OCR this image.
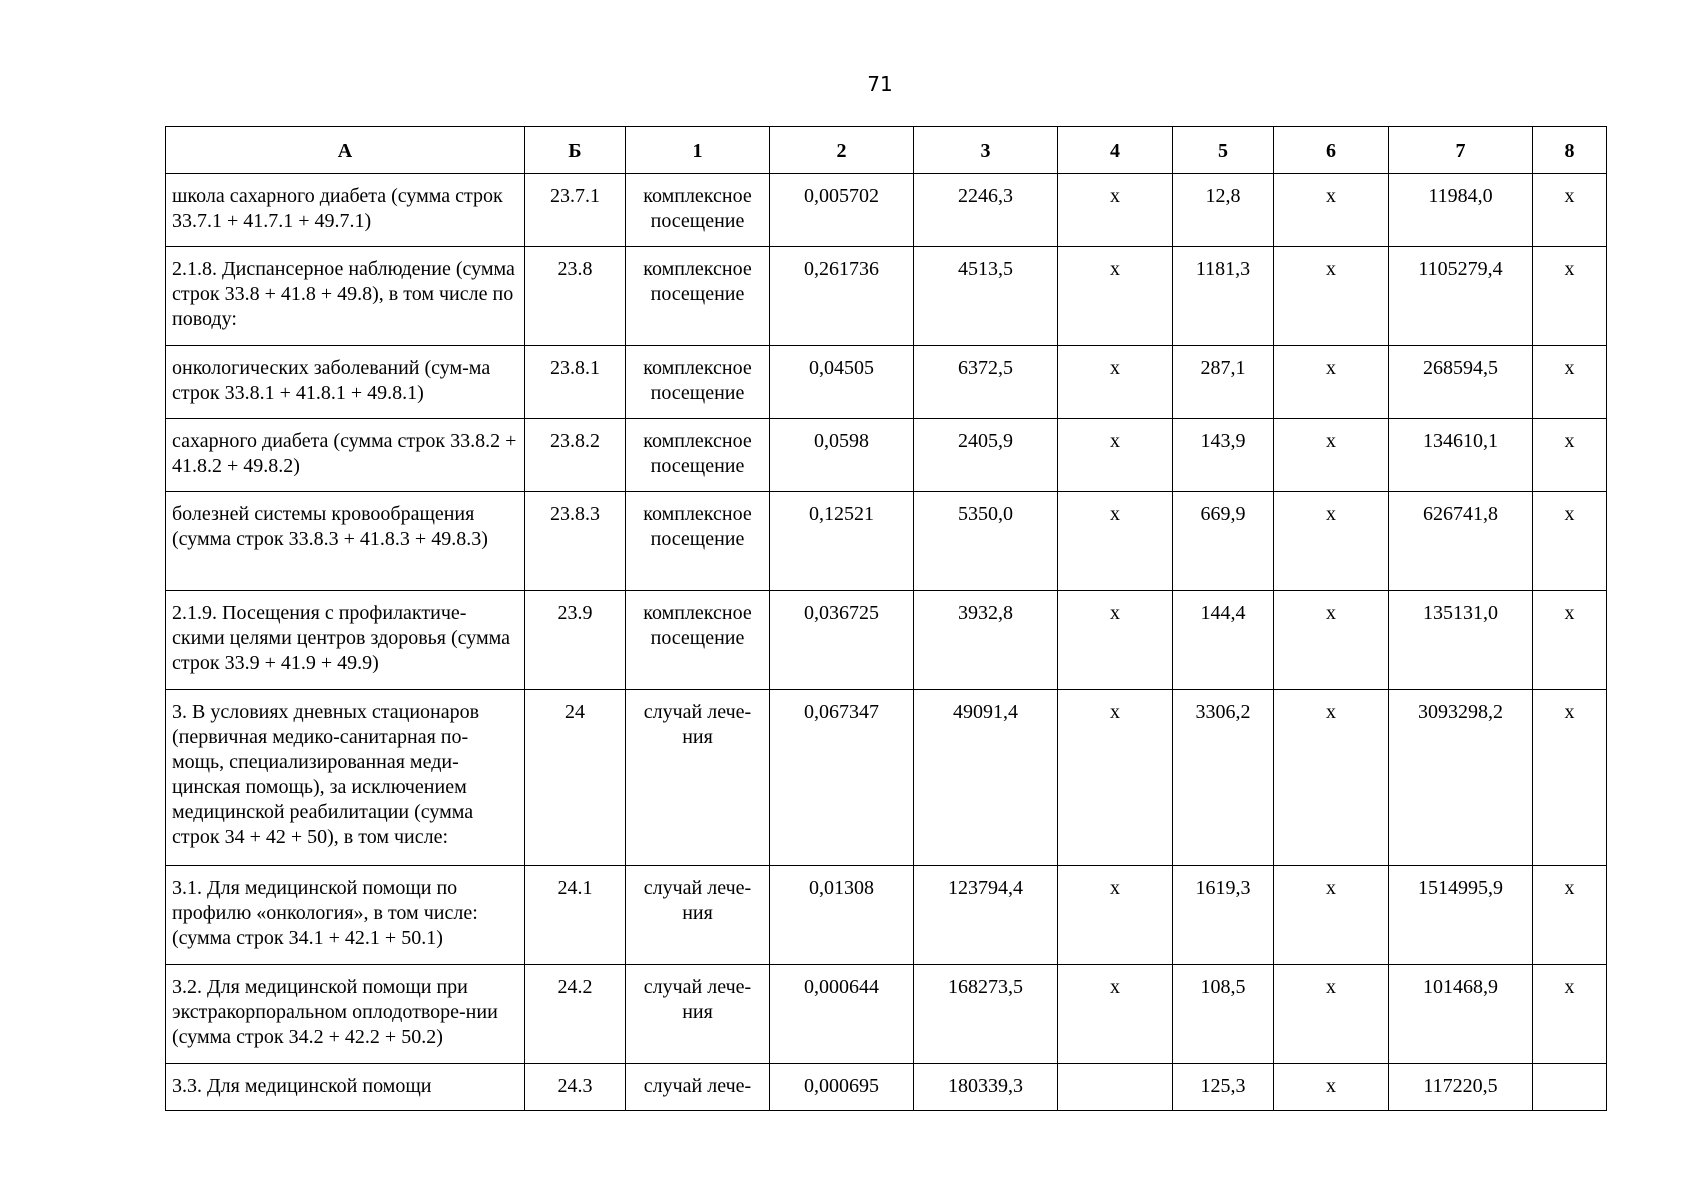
71
А	Б	1	2	3	4	5	6	7	8
школа сахарного диабета (сумма строк 33.7.1 + 41.7.1 + 49.7.1)	23.7.1	комплексное посещение	0,005702	2246,3	х	12,8	х	11984,0	х
2.1.8. Диспансерное наблюдение (сумма строк 33.8 + 41.8 + 49.8), в том числе по поводу:	23.8	комплексное посещение	0,261736	4513,5	х	1181,3	х	1105279,4	х
онкологических заболеваний (сум-ма строк 33.8.1 + 41.8.1 + 49.8.1)	23.8.1	комплексное посещение	0,04505	6372,5	х	287,1	х	268594,5	х
сахарного диабета (сумма строк 33.8.2 + 41.8.2 + 49.8.2)	23.8.2	комплексное посещение	0,0598	2405,9	х	143,9	х	134610,1	х
болезней системы кровообращения (сумма строк 33.8.3 + 41.8.3 + 49.8.3)	23.8.3	комплексное посещение	0,12521	5350,0	х	669,9	х	626741,8	х
2.1.9. Посещения с профилактиче-скими целями центров здоровья (сумма строк 33.9 + 41.9 + 49.9)	23.9	комплексное посещение	0,036725	3932,8	х	144,4	х	135131,0	х
3. В условиях дневных стационаров (первичная медико-санитарная по-мощь, специализированная меди-цинская помощь), за исключением медицинской реабилитации (сумма строк 34 + 42 + 50), в том числе:	24	случай лече-ния	0,067347	49091,4	х	3306,2	х	3093298,2	х
3.1. Для медицинской помощи по профилю «онкология», в том числе: (сумма строк 34.1 + 42.1 + 50.1)	24.1	случай лече-ния	0,01308	123794,4	х	1619,3	х	1514995,9	х
3.2. Для медицинской помощи при экстракорпоральном оплодотворе-нии (сумма строк 34.2 + 42.2 + 50.2)	24.2	случай лече-ния	0,000644	168273,5	х	108,5	х	101468,9	х
3.3. Для медицинской помощи	24.3	случай лече-	0,000695	180339,3		125,3	х	117220,5	
